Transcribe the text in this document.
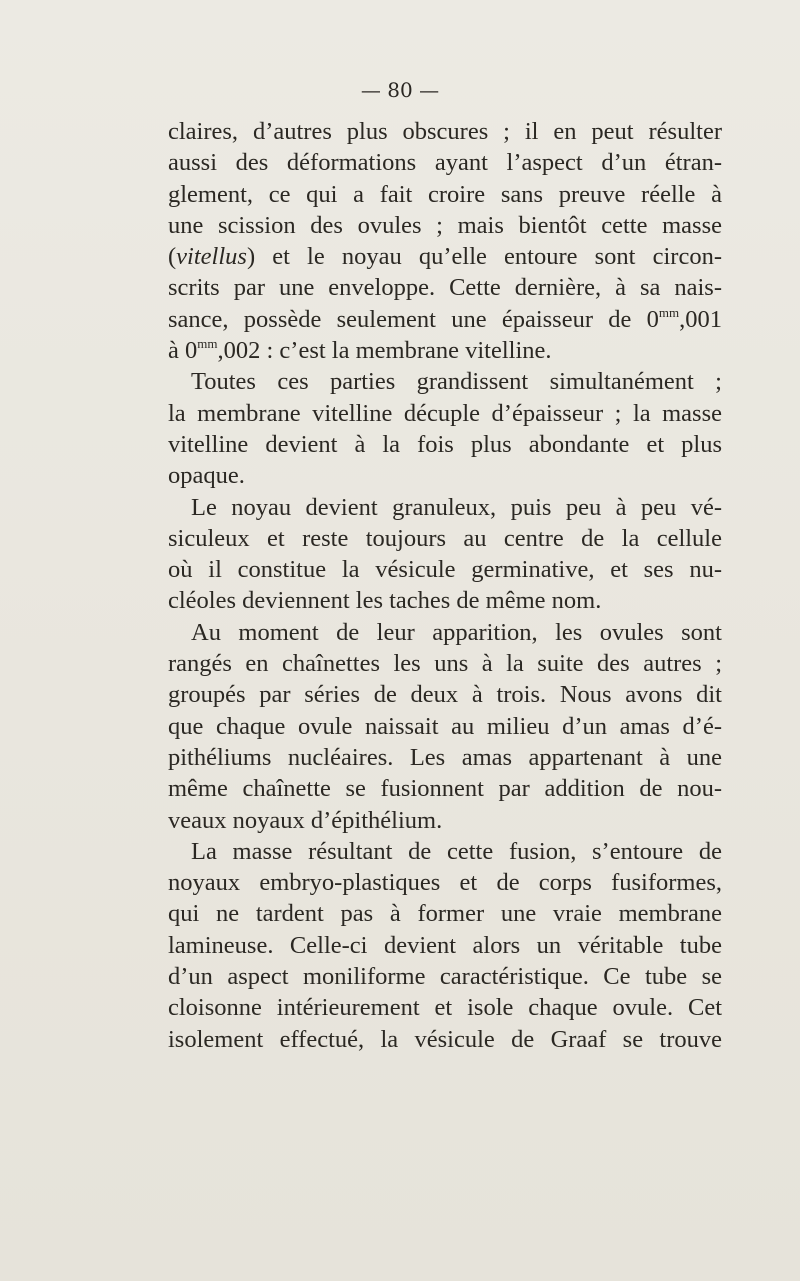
— 80 —
claires, d’autres plus obscures ; il en peut résulter
aussi des déformations ayant l’aspect d’un étran-
glement, ce qui a fait croire sans preuve réelle à
une scission des ovules ; mais bientôt cette masse
(vitellus) et le noyau qu’elle entoure sont circon-
scrits par une enveloppe. Cette dernière, à sa nais-
sance, possède seulement une épaisseur de $0^{mm},001$
à $0^{mm},002$ : c’est la membrane vitelline.
Toutes ces parties grandissent simultanément ;
la membrane vitelline décuple d’épaisseur ; la masse
vitelline devient à la fois plus abondante et plus
opaque.
Le noyau devient granuleux, puis peu à peu vé-
siculeux et reste toujours au centre de la cellule
où il constitue la vésicule germinative, et ses nu-
cléoles deviennent les taches de même nom.
Au moment de leur apparition, les ovules sont
rangés en chaînettes les uns à la suite des autres ;
groupés par séries de deux à trois. Nous avons dit
que chaque ovule naissait au milieu d’un amas d’é-
pithéliums nucléaires. Les amas appartenant à une
même chaînette se fusionnent par addition de nou-
veaux noyaux d’épithélium.
La masse résultant de cette fusion, s’entoure de
noyaux embryo-plastiques et de corps fusiformes,
qui ne tardent pas à former une vraie membrane
lamineuse. Celle-ci devient alors un véritable tube
d’un aspect moniliforme caractéristique. Ce tube se
cloisonne intérieurement et isole chaque ovule. Cet
isolement effectué, la vésicule de Graaf se trouve
